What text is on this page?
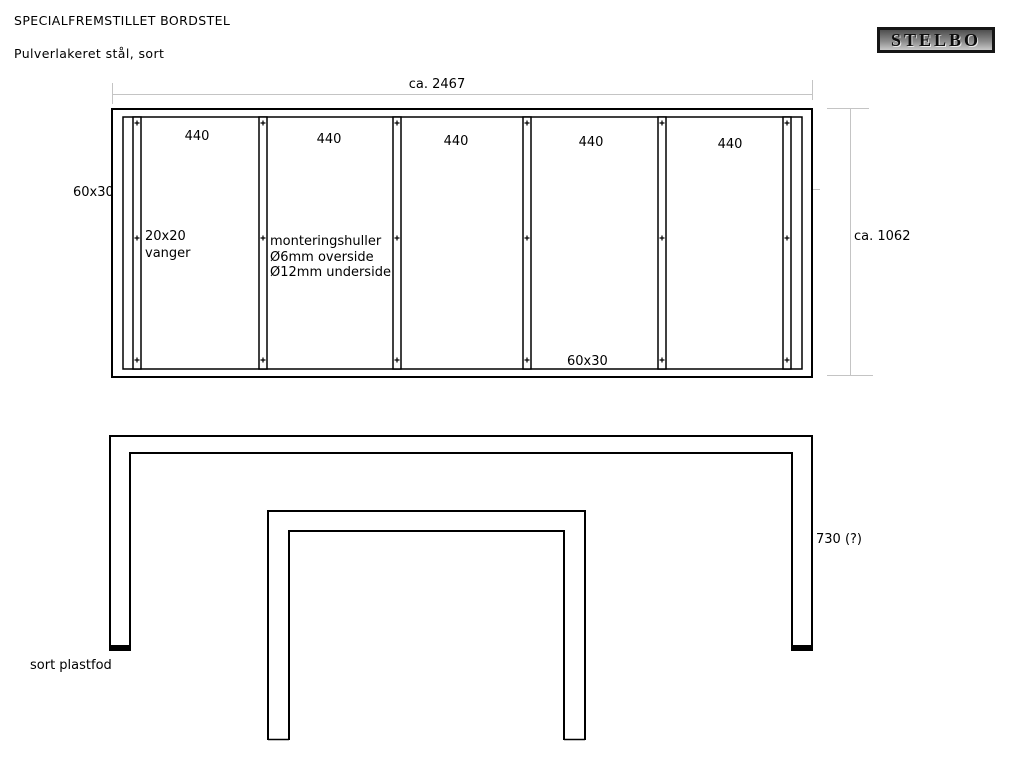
SPECIALFREMSTILLET BORDSTEL
Pulverlakeret stål, sort
STELBO
ca. 2467
ca. 1062
60x30
60x30
440	440	440	440	440
20x20
vanger
monteringshuller
Ø6mm overside
Ø12mm underside
730 (?)
sort plastfod
